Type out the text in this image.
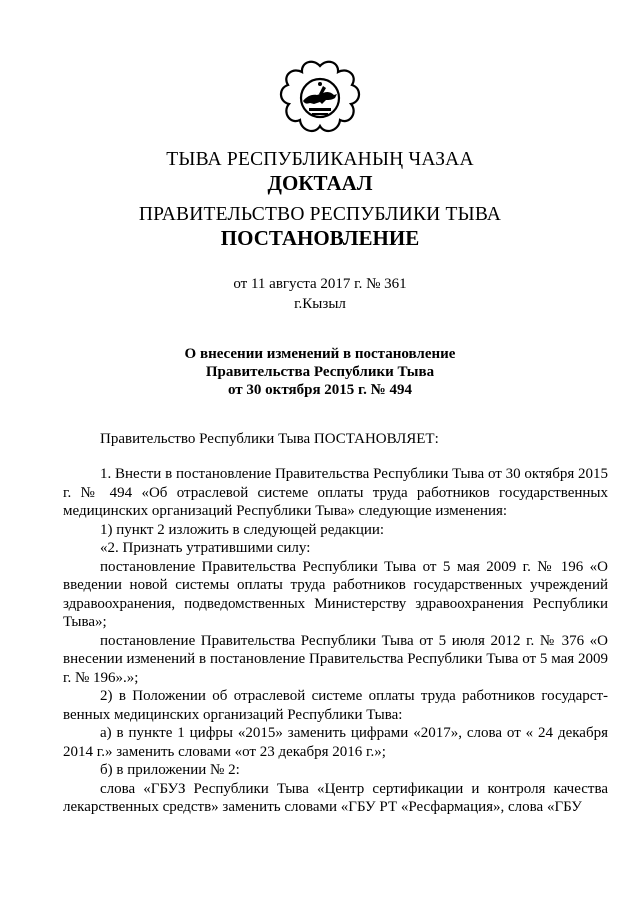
ТЫВА РЕСПУБЛИКАНЫҢ ЧАЗАА
ДОКТААЛ
ПРАВИТЕЛЬСТВО РЕСПУБЛИКИ ТЫВА
ПОСТАНОВЛЕНИЕ
от 11 августа 2017 г. № 361
г.Кызыл
О внесении изменений в постановление
Правительства Республики Тыва
от 30 октября 2015 г. № 494

Правительство Республики Тыва ПОСТАНОВЛЯЕТ:

1. Внести в постановление Правительства Республики Тыва от 30 октября 2015 г. № 494 «Об отраслевой системе оплаты труда работников государственных медицинских организаций Республики Тыва» следующие изменения:

1) пункт 2 изложить в следующей редакции:

«2. Признать утратившими силу:

постановление Правительства Республики Тыва от 5 мая 2009 г. № 196 «О введении новой системы оплаты труда работников государственных учреждений здравоохранения, подведомственных Министерству здравоохранения Республики Тыва»;

постановление Правительства Республики Тыва от 5 июля 2012 г. № 376 «О внесении изменений в постановление Правительства Республики Тыва от 5 мая 2009 г. № 196».»;

2) в Положении об отраслевой системе оплаты труда работников государст-венных медицинских организаций Республики Тыва:

а) в пункте 1 цифры «2015» заменить цифрами «2017», слова от « 24 декабря 2014 г.» заменить словами «от 23 декабря 2016 г.»;

б) в приложении № 2:

слова «ГБУЗ Республики Тыва «Центр сертификации и контроля качества лекарственных средств» заменить словами «ГБУ РТ «Ресфармация», слова «ГБУ
